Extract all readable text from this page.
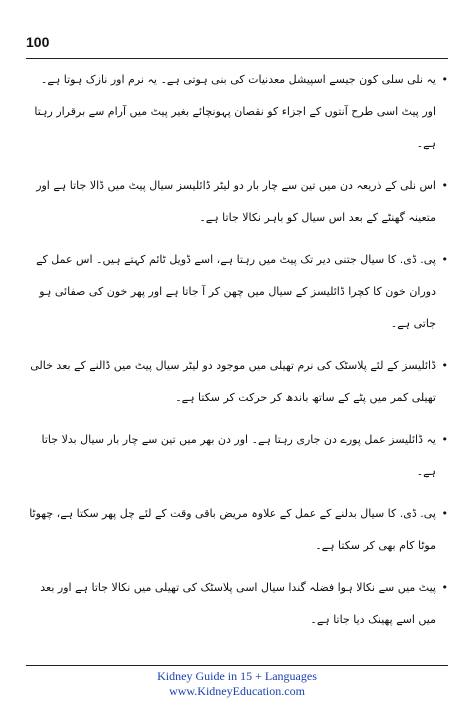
100
•
یہ نلی سلی کون جیسے اسپیشل معدنیات کی بنی ہوتی ہے۔ یہ نرم اور نازک ہوتا ہے۔ اور پیٹ اسی طرح آنتوں کے اجزاء کو نقصان پہونچائے بغیر پیٹ میں آرام سے برقرار رہتا ہے۔
•
اس نلی کے ذریعہ دن میں تین سے چار بار دو لیٹر ڈائلیسز سیال پیٹ میں ڈالا جاتا ہے اور متعینہ گھنٹے کے بعد اس سیال کو باہر نکالا جاتا ہے۔
•
پی. ڈی. کا سیال جتنی دیر تک پیٹ میں رہتا ہے، اسے ڈویل ٹائم کہتے ہیں۔ اس عمل کے دوران خون کا کچرا ڈائلیسز کے سیال میں چھن کر آ جاتا ہے اور پھر خون کی صفائی ہو جاتی ہے۔
•
ڈائلیسز کے لئے پلاسٹک کی نرم تھیلی میں موجود دو لیٹر سیال پیٹ میں ڈالنے کے بعد خالی تھیلی کمر میں پٹے کے ساتھ باندھ کر حرکت کر سکتا ہے۔
•
یہ ڈائلیسز عمل پورے دن جاری رہتا ہے۔ اور دن بھر میں تین سے چار بار سیال بدلا جاتا ہے۔
•
پی. ڈی. کا سیال بدلنے کے عمل کے علاوہ مریض باقی وقت کے لئے چل پھر سکتا ہے، چھوٹا موٹا کام بھی کر سکتا ہے۔
•
پیٹ میں سے نکالا ہوا فضلہ گندا سیال اسی پلاسٹک کی تھیلی میں نکالا جاتا ہے اور بعد میں اسے پھینک دیا جاتا ہے۔
Kidney Guide in 15 + Languages
www.KidneyEducation.com
